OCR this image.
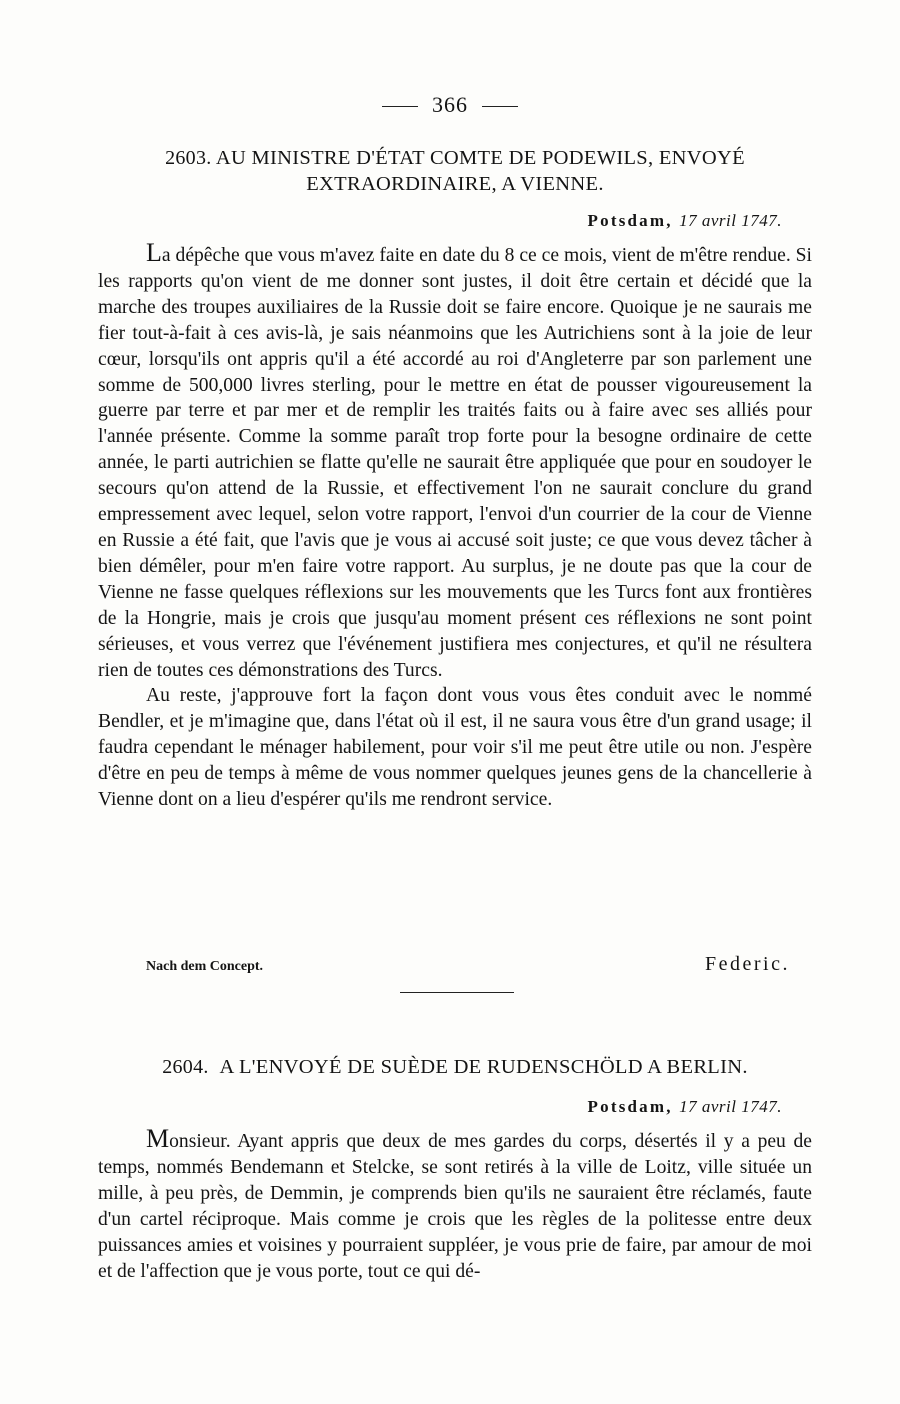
366
2603. AU MINISTRE D'ÉTAT COMTE DE PODEWILS, ENVOYÉ
EXTRAORDINAIRE, A VIENNE.
Potsdam, 17 avril 1747.

La dépêche que vous m'avez faite en date du 8 ce ce mois, vient de m'être rendue. Si les rapports qu'on vient de me donner sont justes, il doit être certain et décidé que la marche des troupes auxiliaires de la Russie doit se faire encore. Quoique je ne saurais me fier tout-à-fait à ces avis-là, je sais néanmoins que les Autrichiens sont à la joie de leur cœur, lorsqu'ils ont appris qu'il a été accordé au roi d'Angleterre par son parlement une somme de 500,000 livres sterling, pour le mettre en état de pousser vigoureusement la guerre par terre et par mer et de remplir les traités faits ou à faire avec ses alliés pour l'année présente. Comme la somme paraît trop forte pour la besogne ordinaire de cette année, le parti autrichien se flatte qu'elle ne saurait être appliquée que pour en soudoyer le secours qu'on attend de la Russie, et effectivement l'on ne saurait conclure du grand empressement avec lequel, selon votre rapport, l'envoi d'un courrier de la cour de Vienne en Russie a été fait, que l'avis que je vous ai accusé soit juste; ce que vous devez tâcher à bien démêler, pour m'en faire votre rapport. Au surplus, je ne doute pas que la cour de Vienne ne fasse quelques réflexions sur les mouvements que les Turcs font aux frontières de la Hongrie, mais je crois que jusqu'au moment présent ces réflexions ne sont point sérieuses, et vous verrez que l'événement justifiera mes conjectures, et qu'il ne résultera rien de toutes ces démonstrations des Turcs.

Au reste, j'approuve fort la façon dont vous vous êtes conduit avec le nommé Bendler, et je m'imagine que, dans l'état où il est, il ne saura vous être d'un grand usage; il faudra cependant le ménager habilement, pour voir s'il me peut être utile ou non. J'espère d'être en peu de temps à même de vous nommer quelques jeunes gens de la chancellerie à Vienne dont on a lieu d'espérer qu'ils me rendront service.

Nach dem Concept.	Federic.
2604. A L'ENVOYÉ DE SUÈDE DE RUDENSCHÖLD A BERLIN.
Potsdam, 17 avril 1747.

Monsieur. Ayant appris que deux de mes gardes du corps, désertés il y a peu de temps, nommés Bendemann et Stelcke, se sont retirés à la ville de Loitz, ville située un mille, à peu près, de Demmin, je comprends bien qu'ils ne sauraient être réclamés, faute d'un cartel réciproque. Mais comme je crois que les règles de la politesse entre deux puissances amies et voisines y pourraient suppléer, je vous prie de faire, par amour de moi et de l'affection que je vous porte, tout ce qui dé-
